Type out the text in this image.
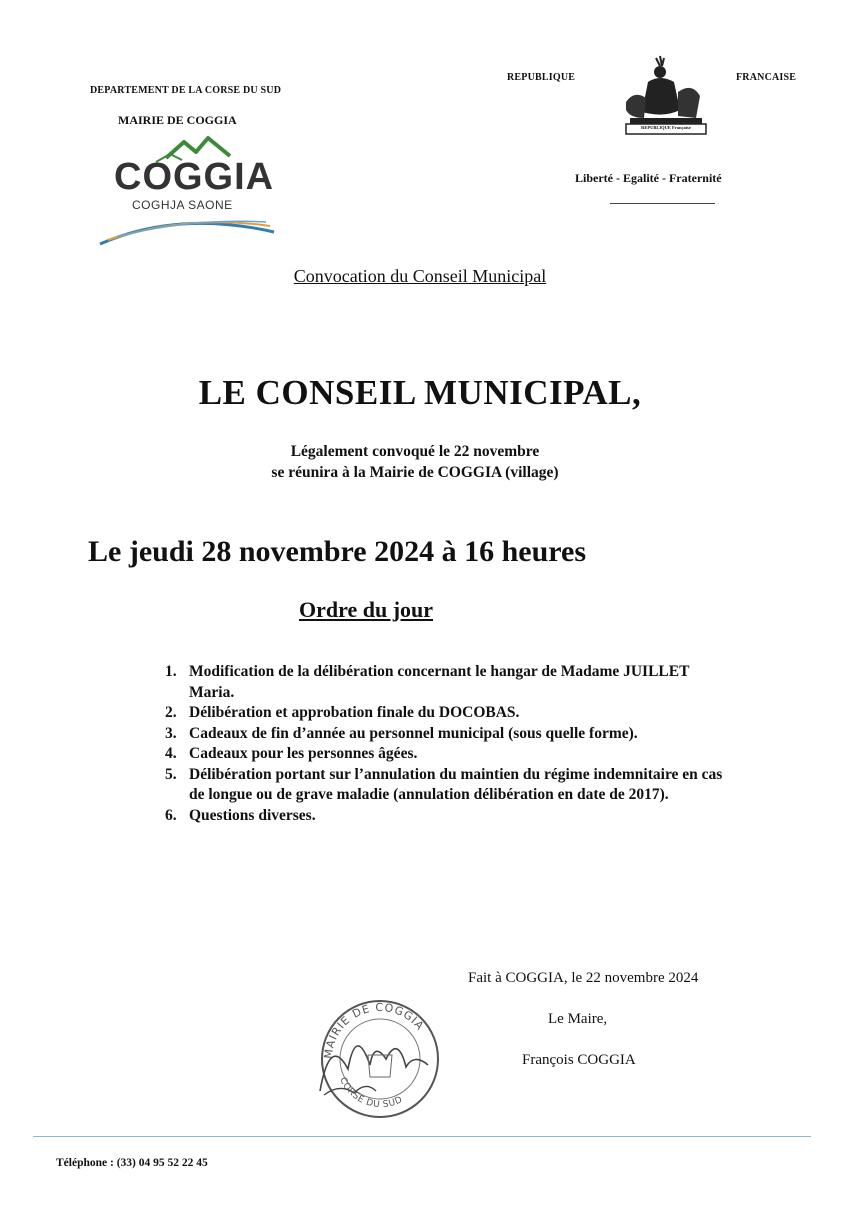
DEPARTEMENT DE LA CORSE DU SUD
MAIRIE DE COGGIA
COGGIA
COGHJA SAONE
REPUBLIQUE	FRANCAISE
REPUBLIQUE Française
Liberté - Egalité - Fraternité
Convocation du Conseil Municipal
LE CONSEIL MUNICIPAL,
Légalement convoqué le 22 novembre
se réunira à la Mairie de COGGIA (village)
Le jeudi 28 novembre 2024 à 16 heures
Ordre du jour
1. Modification de la délibération concernant le hangar de Madame JUILLET Maria.
2. Délibération et approbation finale du DOCOBAS.
3. Cadeaux de fin d’année au personnel municipal (sous quelle forme).
4. Cadeaux pour les personnes âgées.
5. Délibération portant sur l’annulation du maintien du régime indemnitaire en cas de longue ou de grave maladie (annulation délibération en date de 2017).
6. Questions diverses.
Fait à COGGIA, le 22 novembre 2024
Le Maire,
François COGGIA
MAIRIE DE COGGIA
CORSE DU SUD
Téléphone : (33) 04 95 52 22 45
